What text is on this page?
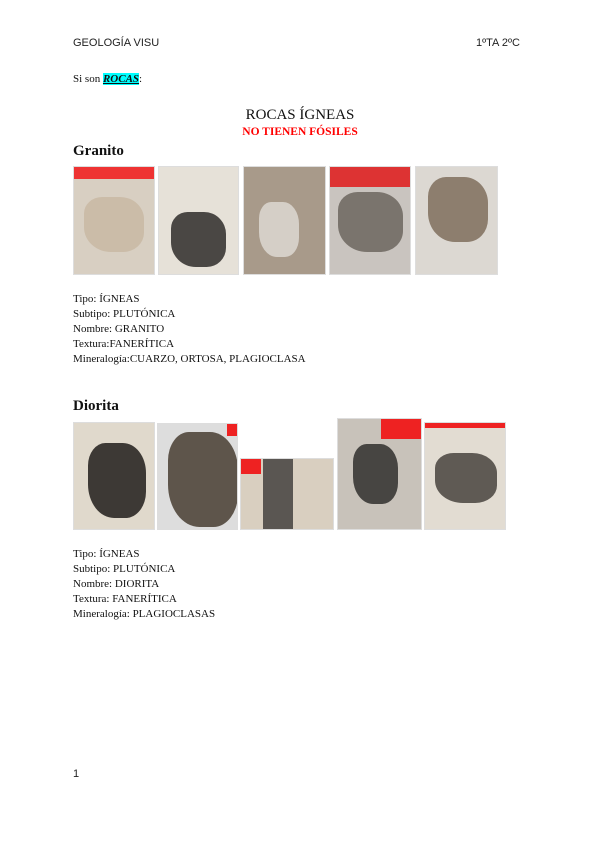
GEOLOGÍA VISU	1ºTA 2ºC
Si son ROCAS:
ROCAS ÍGNEAS
NO TIENEN FÓSILES
Granito
Tipo: ÍGNEAS
Subtipo: PLUTÓNICA
Nombre: GRANITO
Textura:FANERÍTICA
Mineralogía:CUARZO, ORTOSA, PLAGIOCLASA
Diorita
Tipo: ÍGNEAS
Subtipo: PLUTÓNICA
Nombre: DIORITA
Textura: FANERÍTICA
Mineralogía: PLAGIOCLASAS
1
